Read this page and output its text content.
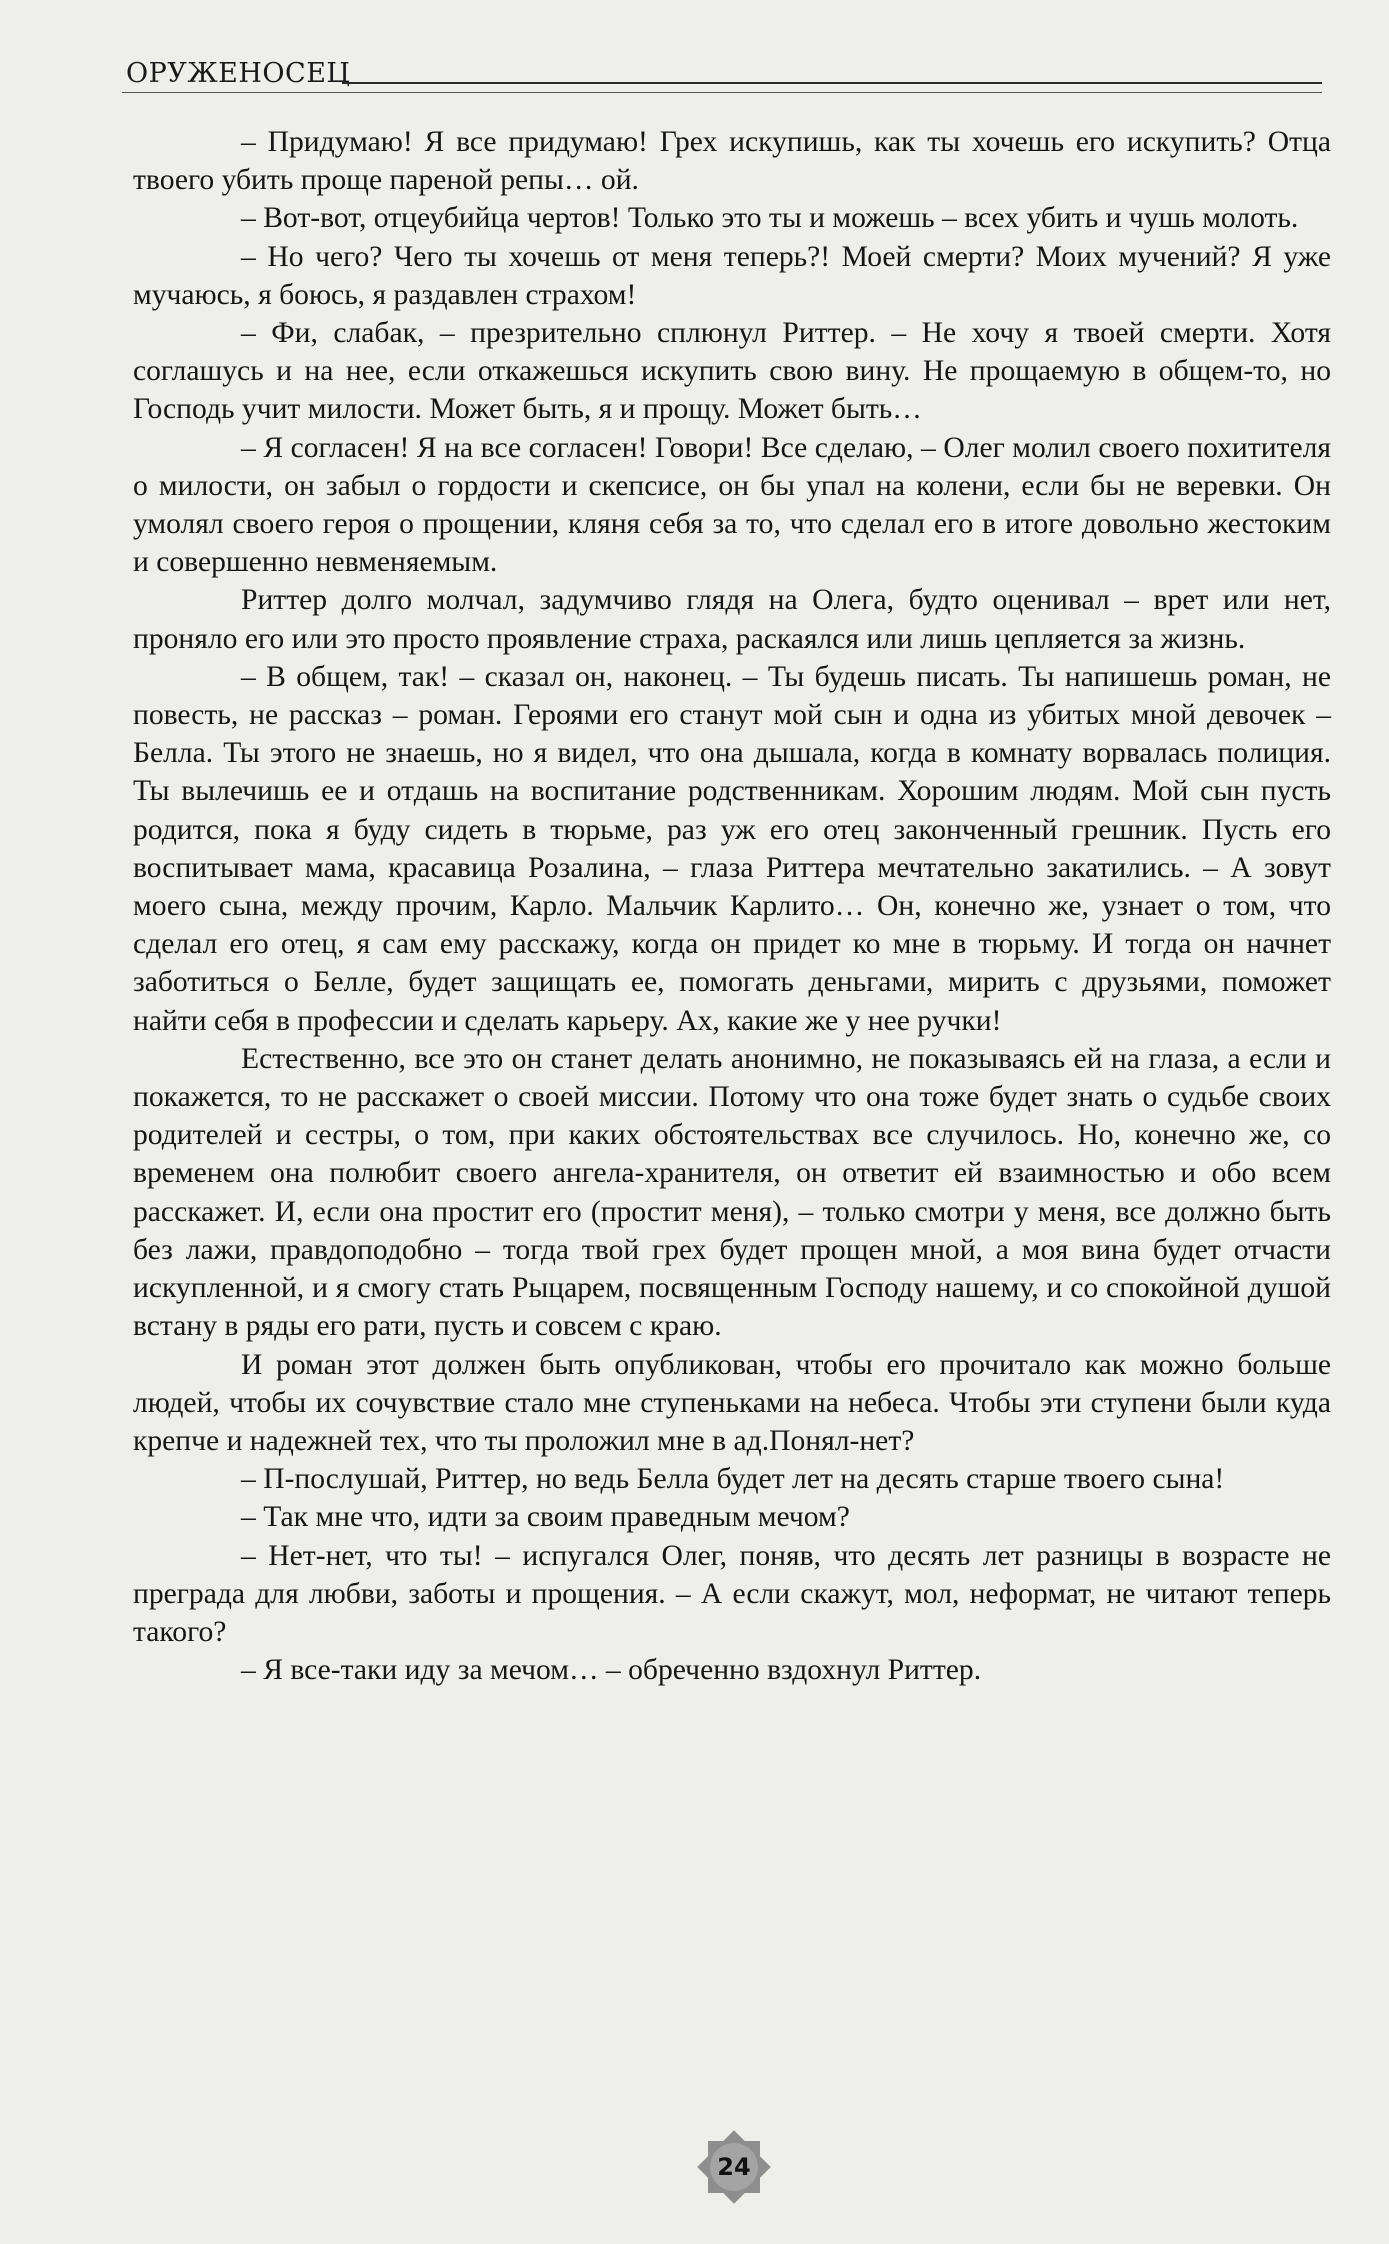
ОРУЖЕНОСЕЦ

– Придумаю! Я все придумаю! Грех искупишь, как ты хочешь его искупить? Отца твоего убить проще пареной репы… ой.

– Вот-вот, отцеубийца чертов! Только это ты и можешь – всех убить и чушь молоть.

– Но чего? Чего ты хочешь от меня теперь?! Моей смерти? Моих мучений? Я уже мучаюсь, я боюсь, я раздавлен страхом!

– Фи, слабак, – презрительно сплюнул Риттер. – Не хочу я твоей смерти. Хотя соглашусь и на нее, если откажешься искупить свою вину. Не прощаемую в общем-то, но Господь учит милости. Может быть, я и прощу. Может быть…

– Я согласен! Я на все согласен! Говори! Все сделаю, – Олег молил своего похитителя о милости, он забыл о гордости и скепсисе, он бы упал на колени, если бы не веревки. Он умолял своего героя о прощении, кляня себя за то, что сделал его в итоге довольно жестоким и совершенно невменяемым.

Риттер долго молчал, задумчиво глядя на Олега, будто оценивал – врет или нет, проняло его или это просто проявление страха, раскаялся или лишь цепляется за жизнь.

– В общем, так! – сказал он, наконец. – Ты будешь писать. Ты напишешь роман, не повесть, не рассказ – роман. Героями его станут мой сын и одна из убитых мной девочек – Белла. Ты этого не знаешь, но я видел, что она дышала, когда в комнату ворвалась полиция. Ты вылечишь ее и отдашь на воспитание родственникам. Хорошим людям. Мой сын пусть родится, пока я буду сидеть в тюрьме, раз уж его отец законченный грешник. Пусть его воспитывает мама, красавица Розалина, – глаза Риттера мечтательно закатились. – А зовут моего сына, между прочим, Карло. Мальчик Карлито… Он, конечно же, узнает о том, что сделал его отец, я сам ему расскажу, когда он придет ко мне в тюрьму. И тогда он начнет заботиться о Белле, будет защищать ее, помогать деньгами, мирить с друзьями, поможет найти себя в профессии и сделать карьеру. Ах, какие же у нее ручки!

Естественно, все это он станет делать анонимно, не показываясь ей на глаза, а если и покажется, то не расскажет о своей миссии. Потому что она тоже будет знать о судьбе своих родителей и сестры, о том, при каких обстоятельствах все случилось. Но, конечно же, со временем она полюбит своего ангела-хранителя, он ответит ей взаимностью и обо всем расскажет. И, если она простит его (простит меня), – только смотри у меня, все должно быть без лажи, правдоподобно – тогда твой грех будет прощен мной, а моя вина будет отчасти искупленной, и я смогу стать Рыцарем, посвященным Господу нашему, и со спокойной душой встану в ряды его рати, пусть и совсем с краю.

И роман этот должен быть опубликован, чтобы его прочитало как можно больше людей, чтобы их сочувствие стало мне ступеньками на небеса. Чтобы эти ступени были куда крепче и надежней тех, что ты проложил мне в ад.Понял-нет?

– П-послушай, Риттер, но ведь Белла будет лет на десять старше твоего сына!

– Так мне что, идти за своим праведным мечом?

– Нет-нет, что ты! – испугался Олег, поняв, что десять лет разницы в возрасте не преграда для любви, заботы и прощения. – А если скажут, мол, неформат, не читают теперь такого?

– Я все-таки иду за мечом… – обреченно вздохнул Риттер.

24
